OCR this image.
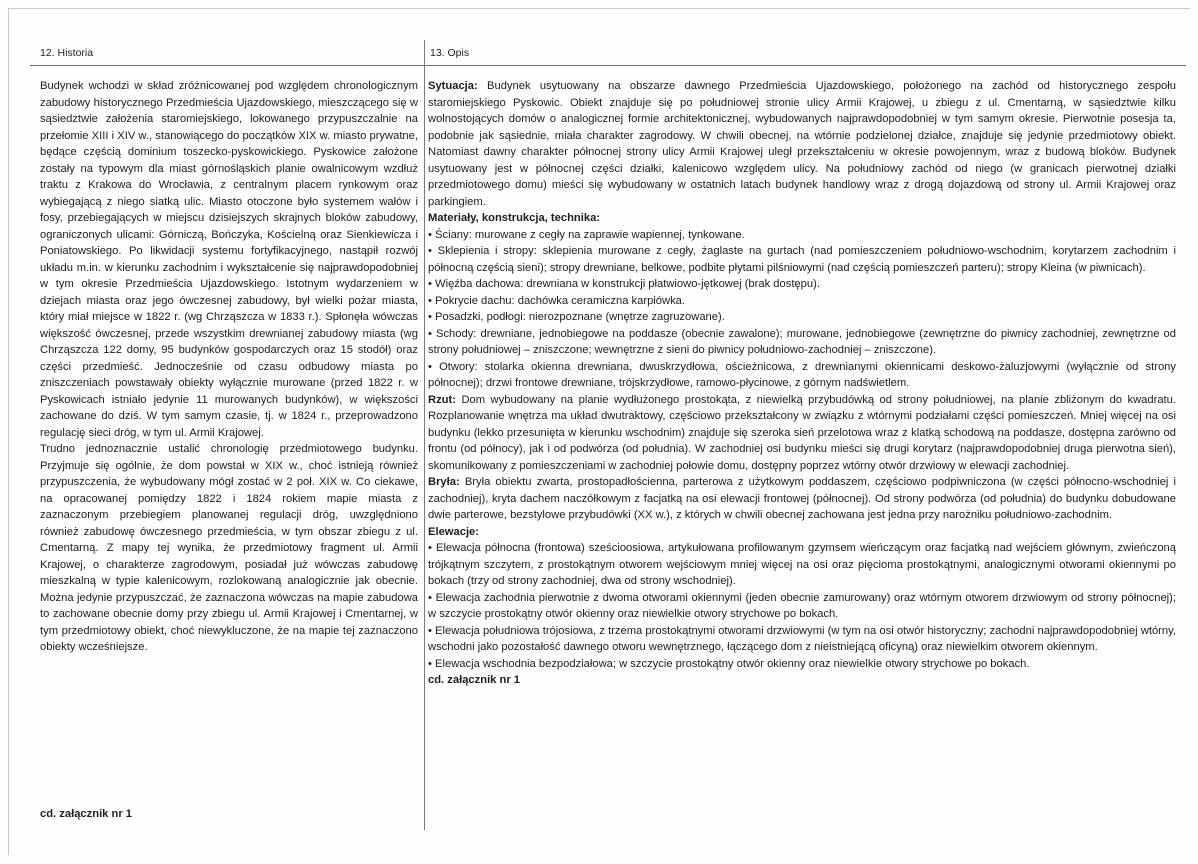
12. Historia	13. Opis

Budynek wchodzi w skład zróżnicowanej pod względem chronologicznym zabudowy historycznego Przedmieścia Ujazdowskiego, mieszczącego się w sąsiedztwie założenia staromiejskiego, lokowanego przypuszczalnie na przełomie XIII i XIV w., stanowiącego do początków XIX w. miasto prywatne, będące częścią dominium toszecko-pyskowickiego. Pyskowice założone zostały na typowym dla miast górnośląskich planie owalnicowym wzdłuż traktu z Krakowa do Wrocławia, z centralnym placem rynkowym oraz wybiegającą z niego siatką ulic. Miasto otoczone było systemem wałów i fosy, przebiegających w miejscu dzisiejszych skrajnych bloków zabudowy, ograniczonych ulicami: Górniczą, Bończyka, Kościelną oraz Sienkiewicza i Poniatowskiego. Po likwidacji systemu fortyfikacyjnego, nastąpił rozwój układu m.in. w kierunku zachodnim i wykształcenie się najprawdopodobniej w tym okresie Przedmieścia Ujazdowskiego. Istotnym wydarzeniem w dziejach miasta oraz jego ówczesnej zabudowy, był wielki pożar miasta, który miał miejsce w 1822 r. (wg Chrząszcza w 1833 r.). Spłonęła wówczas większość ówczesnej, przede wszystkim drewnianej zabudowy miasta (wg Chrząszcza 122 domy, 95 budynków gospodarczych oraz 15 stodół) oraz części przedmieść. Jednocześnie od czasu odbudowy miasta po zniszczeniach powstawały obiekty wyłącznie murowane (przed 1822 r. w Pyskowicach istniało jedynie 11 murowanych budynków), w większości zachowane do dziś. W tym samym czasie, tj. w 1824 r., przeprowadzono regulację sieci dróg, w tym ul. Armii Krajowej.

Trudno jednoznacznie ustalić chronologię przedmiotowego budynku. Przyjmuje się ogólnie, że dom powstał w XIX w., choć istnieją również przypuszczenia, że wybudowany mógł zostać w 2 poł. XIX w. Co ciekawe, na opracowanej pomiędzy 1822 i 1824 rokiem mapie miasta z zaznaczonym przebiegiem planowanej regulacji dróg, uwzględniono również zabudowę ówczesnego przedmieścia, w tym obszar zbiegu z ul. Cmentarną. Z mapy tej wynika, że przedmiotowy fragment ul. Armii Krajowej, o charakterze zagrodowym, posiadał już wówczas zabudowę mieszkalną w typie kalenicowym, rozlokowaną analogicznie jak obecnie. Można jedynie przypuszczać, że zaznaczona wówczas na mapie zabudowa to zachowane obecnie domy przy zbiegu ul. Armii Krajowej i Cmentarnej, w tym przedmiotowy obiekt, choć niewykluczone, że na mapie tej zaznaczono obiekty wcześniejsze.

cd. załącznik nr 1

Sytuacja: Budynek usytuowany na obszarze dawnego Przedmieścia Ujazdowskiego, położonego na zachód od historycznego zespołu staromiejskiego Pyskowic. Obiekt znajduje się po południowej stronie ulicy Armii Krajowej, u zbiegu z ul. Cmentarną, w sąsiedztwie kilku wolnostojących domów o analogicznej formie architektonicznej, wybudowanych najprawdopodobniej w tym samym okresie. Pierwotnie posesja ta, podobnie jak sąsiednie, miała charakter zagrodowy. W chwili obecnej, na wtórnie podzielonej działce, znajduje się jedynie przedmiotowy obiekt. Natomiast dawny charakter północnej strony ulicy Armii Krajowej uległ przekształceniu w okresie powojennym, wraz z budową bloków. Budynek usytuowany jest w północnej części działki, kalenicowo względem ulicy. Na południowy zachód od niego (w granicach pierwotnej działki przedmiotowego domu) mieści się wybudowany w ostatnich latach budynek handlowy wraz z drogą dojazdową od strony ul. Armii Krajowej oraz parkingiem.

Materiały, konstrukcja, technika:

• Ściany: murowane z cegły na zaprawie wapiennej, tynkowane.

• Sklepienia i stropy: sklepienia murowane z cegły, żaglaste na gurtach (nad pomieszczeniem południowo-wschodnim, korytarzem zachodnim i północną częścią sieni); stropy drewniane, belkowe, podbite płytami pilśniowymi (nad częścią pomieszczeń parteru); stropy Kleina (w piwnicach).

• Więźba dachowa: drewniana w konstrukcji płatwiowo-jętkowej (brak dostępu).

• Pokrycie dachu: dachówka ceramiczna karpiówka.

• Posadzki, podłogi: nierozpoznane (wnętrze zagruzowane).

• Schody: drewniane, jednobiegowe na poddasze (obecnie zawalone); murowane, jednobiegowe (zewnętrzne do piwnicy zachodniej, zewnętrzne od strony południowej – zniszczone; wewnętrzne z sieni do piwnicy południowo-zachodniej – zniszczone).

• Otwory: stolarka okienna drewniana, dwuskrzydłowa, ościeżnicowa, z drewnianymi okiennicami deskowo-żaluzjowymi (wyłącznie od strony północnej); drzwi frontowe drewniane, trójskrzydłowe, ramowo-płycinowe, z górnym nadświetlem.

Rzut: Dom wybudowany na planie wydłużonego prostokąta, z niewielką przybudówką od strony południowej, na planie zbliżonym do kwadratu. Rozplanowanie wnętrza ma układ dwutraktowy, częściowo przekształcony w związku z wtórnymi podziałami części pomieszczeń. Mniej więcej na osi budynku (lekko przesunięta w kierunku wschodnim) znajduje się szeroka sień przelotowa wraz z klatką schodową na poddasze, dostępna zarówno od frontu (od północy), jak i od podwórza (od południa). W zachodniej osi budynku mieści się drugi korytarz (najprawdopodobniej druga pierwotna sień), skomunikowany z pomieszczeniami w zachodniej połowie domu, dostępny poprzez wtórny otwór drzwiowy w elewacji zachodniej.

Bryła: Bryła obiektu zwarta, prostopadłościenna, parterowa z użytkowym poddaszem, częściowo podpiwniczona (w części północno-wschodniej i zachodniej), kryta dachem naczółkowym z facjatką na osi elewacji frontowej (północnej). Od strony podwórza (od południa) do budynku dobudowane dwie parterowe, bezstylowe przybudówki (XX w.), z których w chwili obecnej zachowana jest jedna przy narożniku południowo-zachodnim.

Elewacje:

• Elewacja północna (frontowa) sześcioosiowa, artykułowana profilowanym gzymsem wieńczącym oraz facjatką nad wejściem głównym, zwieńczoną trójkątnym szczytem, z prostokątnym otworem wejściowym mniej więcej na osi oraz pięcioma prostokątnymi, analogicznymi otworami okiennymi po bokach (trzy od strony zachodniej, dwa od strony wschodniej).

• Elewacja zachodnia pierwotnie z dwoma otworami okiennymi (jeden obecnie zamurowany) oraz wtórnym otworem drzwiowym od strony północnej); w szczycie prostokątny otwór okienny oraz niewielkie otwory strychowe po bokach.

• Elewacja południowa trójosiowa, z trzema prostokątnymi otworami drzwiowymi (w tym na osi otwór historyczny; zachodni najprawdopodobniej wtórny, wschodni jako pozostałość dawnego otworu wewnętrznego, łączącego dom z nieistniejącą oficyną) oraz niewielkim otworem okiennym.

• Elewacja wschodnia bezpodziałowa; w szczycie prostokątny otwór okienny oraz niewielkie otwory strychowe po bokach.

cd. załącznik nr 1
